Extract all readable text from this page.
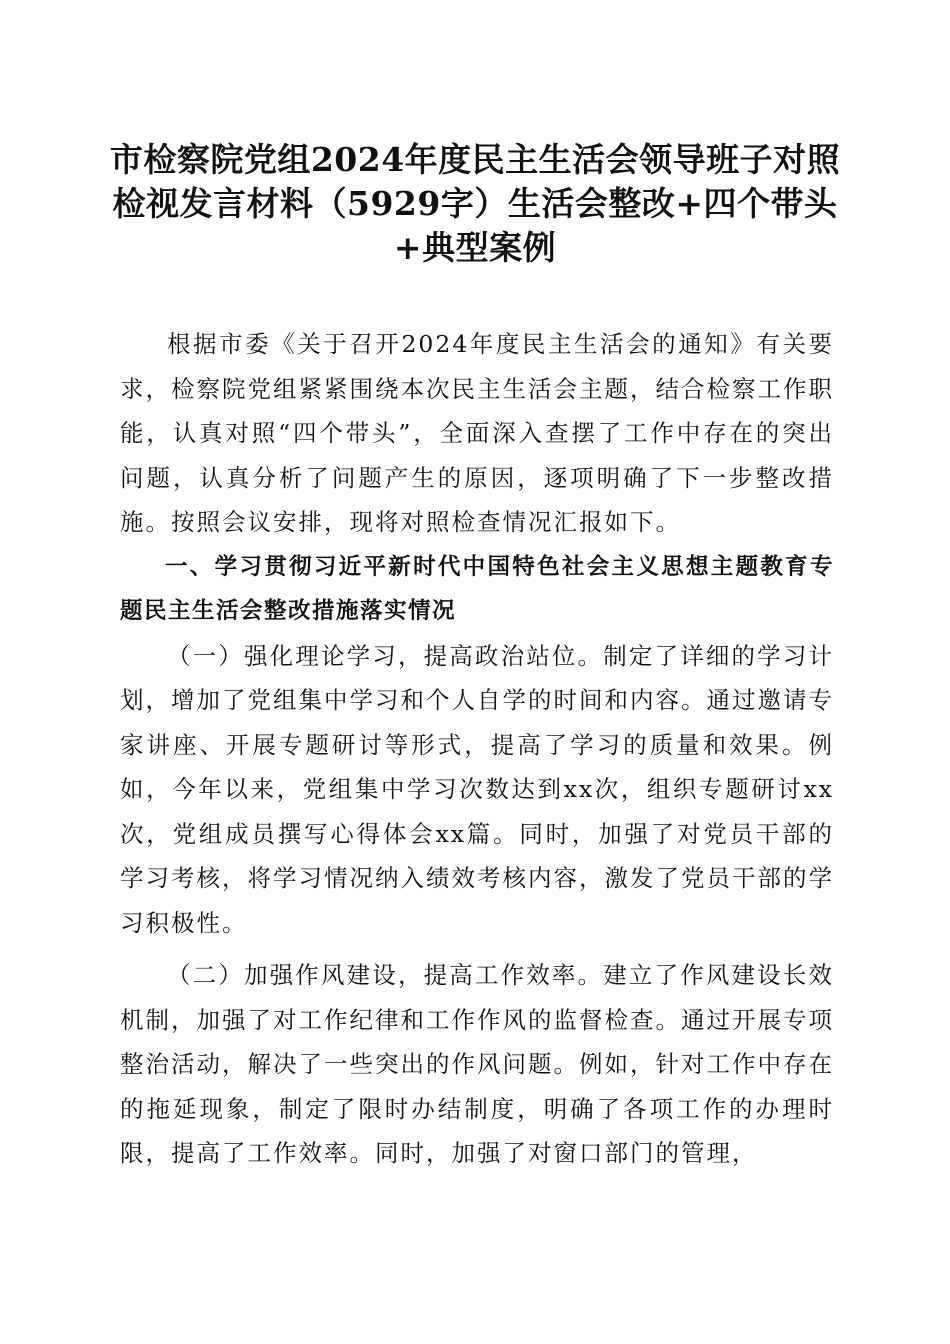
市检察院党组2024年度民主生活会领导班子对照检视发言材料（5929字）生活会整改+四个带头+典型案例

根据市委《关于召开2024年度民主生活会的通知》有关要求，检察院党组紧紧围绕本次民主生活会主题，结合检察工作职能，认真对照“四个带头”，全面深入查摆了工作中存在的突出问题，认真分析了问题产生的原因，逐项明确了下一步整改措施。按照会议安排，现将对照检查情况汇报如下。

一、学习贯彻习近平新时代中国特色社会主义思想主题教育专题民主生活会整改措施落实情况

（一）强化理论学习，提高政治站位。制定了详细的学习计划，增加了党组集中学习和个人自学的时间和内容。通过邀请专家讲座、开展专题研讨等形式，提高了学习的质量和效果。例如，今年以来，党组集中学习次数达到xx次，组织专题研讨xx次，党组成员撰写心得体会xx篇。同时，加强了对党员干部的学习考核，将学习情况纳入绩效考核内容，激发了党员干部的学习积极性。

（二）加强作风建设，提高工作效率。建立了作风建设长效机制，加强了对工作纪律和工作作风的监督检查。通过开展专项整治活动，解决了一些突出的作风问题。例如，针对工作中存在的拖延现象，制定了限时办结制度，明确了各项工作的办理时限，提高了工作效率。同时，加强了对窗口部门的管理，
